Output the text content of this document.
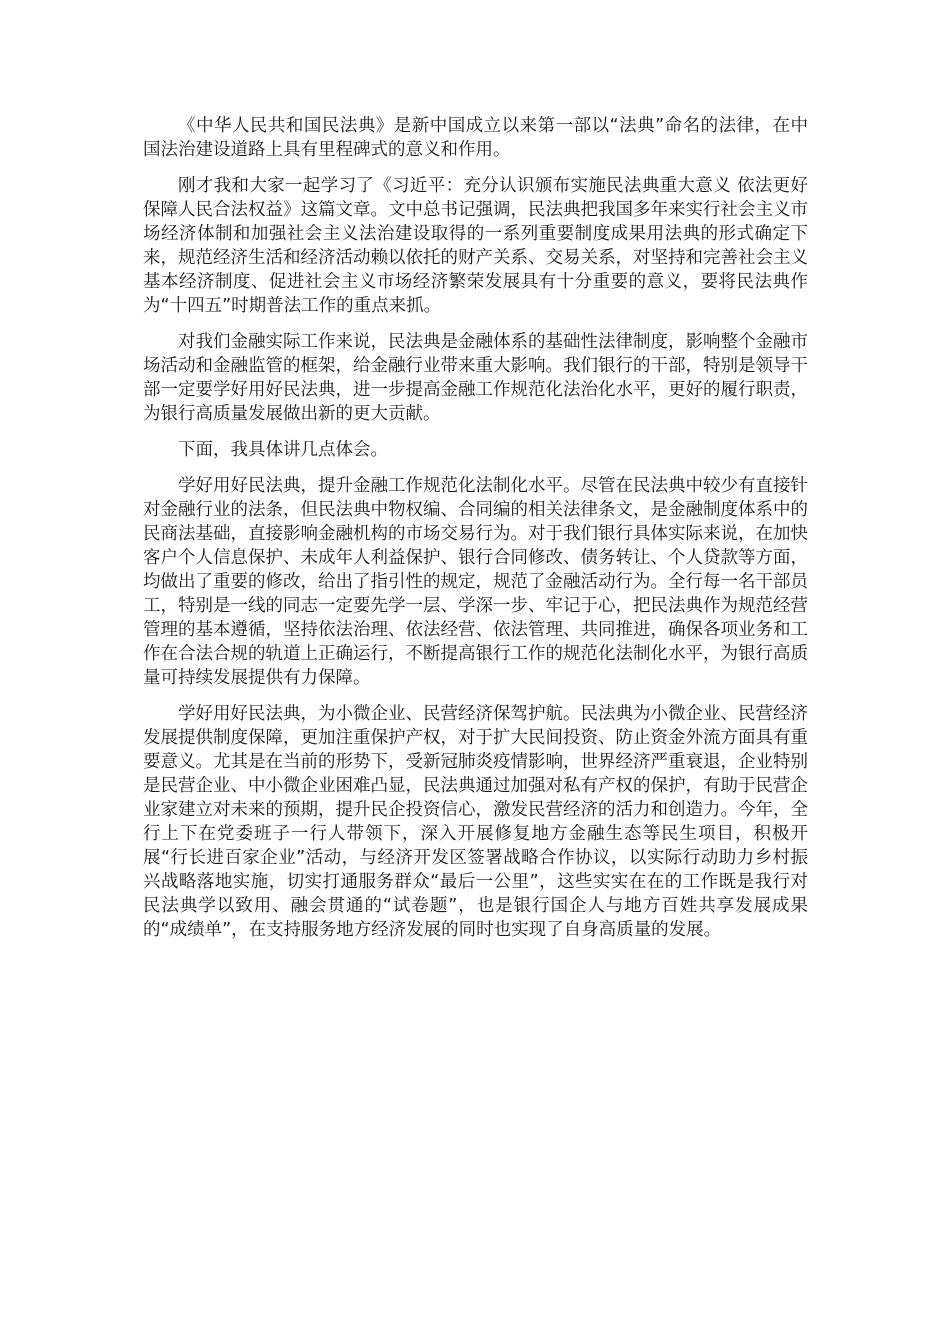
《中华人民共和国民法典》是新中国成立以来第一部以“法典”命名的法律，在中国法治建设道路上具有里程碑式的意义和作用。

刚才我和大家一起学习了《习近平：充分认识颁布实施民法典重大意义 依法更好保障人民合法权益》这篇文章。文中总书记强调，民法典把我国多年来实行社会主义市场经济体制和加强社会主义法治建设取得的一系列重要制度成果用法典的形式确定下来，规范经济生活和经济活动赖以依托的财产关系、交易关系，对坚持和完善社会主义基本经济制度、促进社会主义市场经济繁荣发展具有十分重要的意义，要将民法典作为“十四五”时期普法工作的重点来抓。

对我们金融实际工作来说，民法典是金融体系的基础性法律制度，影响整个金融市场活动和金融监管的框架，给金融行业带来重大影响。我们银行的干部，特别是领导干部一定要学好用好民法典，进一步提高金融工作规范化法治化水平，更好的履行职责，为银行高质量发展做出新的更大贡献。

下面，我具体讲几点体会。

学好用好民法典，提升金融工作规范化法制化水平。尽管在民法典中较少有直接针对金融行业的法条，但民法典中物权编、合同编的相关法律条文，是金融制度体系中的民商法基础，直接影响金融机构的市场交易行为。对于我们银行具体实际来说，在加快客户个人信息保护、未成年人利益保护、银行合同修改、债务转让、个人贷款等方面，均做出了重要的修改，给出了指引性的规定，规范了金融活动行为。全行每一名干部员工，特别是一线的同志一定要先学一层、学深一步、牢记于心，把民法典作为规范经营管理的基本遵循，坚持依法治理、依法经营、依法管理、共同推进，确保各项业务和工作在合法合规的轨道上正确运行，不断提高银行工作的规范化法制化水平，为银行高质量可持续发展提供有力保障。

学好用好民法典，为小微企业、民营经济保驾护航。民法典为小微企业、民营经济发展提供制度保障，更加注重保护产权，对于扩大民间投资、防止资金外流方面具有重要意义。尤其是在当前的形势下，受新冠肺炎疫情影响，世界经济严重衰退，企业特别是民营企业、中小微企业困难凸显，民法典通过加强对私有产权的保护，有助于民营企业家建立对未来的预期，提升民企投资信心，激发民营经济的活力和创造力。今年，全行上下在党委班子一行人带领下，深入开展修复地方金融生态等民生项目，积极开展“行长进百家企业”活动，与经济开发区签署战略合作协议，以实际行动助力乡村振兴战略落地实施，切实打通服务群众“最后一公里”，这些实实在在的工作既是我行对民法典学以致用、融会贯通的“试卷题”，也是银行国企人与地方百姓共享发展成果的“成绩单”，在支持服务地方经济发展的同时也实现了自身高质量的发展。
